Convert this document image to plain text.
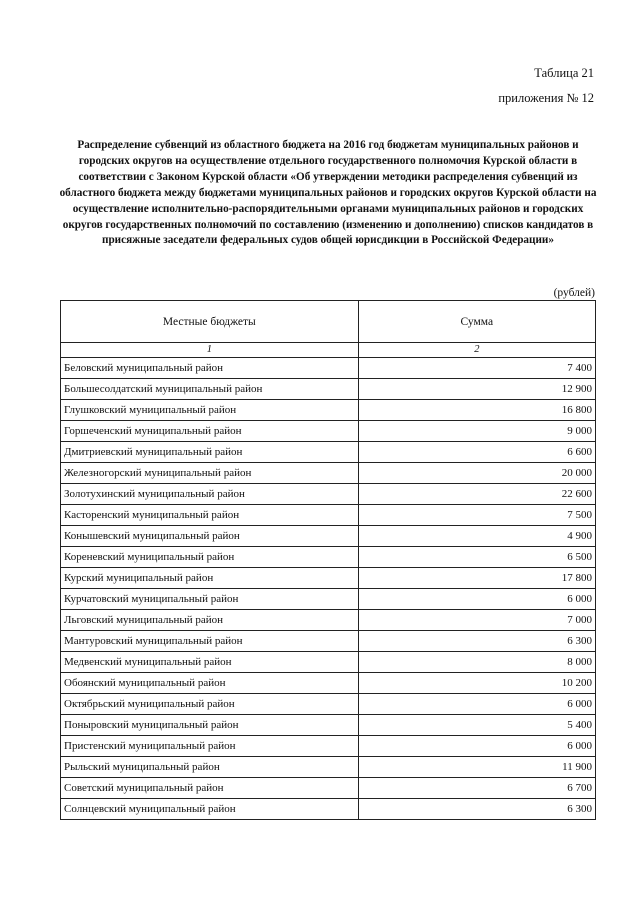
Таблица 21
приложения № 12
Распределение субвенций из областного бюджета на 2016 год бюджетам муниципальных районов и городских округов на осуществление отдельного государственного полномочия Курской области в соответствии с Законом Курской области «Об утверждении методики распределения субвенций из областного бюджета между бюджетами муниципальных районов и городских округов Курской области на осуществление исполнительно-распорядительными органами муниципальных районов и городских округов государственных полномочий по составлению (изменению и дополнению) списков кандидатов в присяжные заседатели федеральных судов общей юрисдикции в Российской Федерации»
(рублей)
Местные бюджеты	Сумма
1	2
Беловский муниципальный район	7 400
Большесолдатский муниципальный район	12 900
Глушковский муниципальный район	16 800
Горшеченский муниципальный район	9 000
Дмитриевский муниципальный район	6 600
Железногорский муниципальный район	20 000
Золотухинский муниципальный район	22 600
Касторенский муниципальный район	7 500
Конышевский муниципальный район	4 900
Кореневский муниципальный район	6 500
Курский муниципальный район	17 800
Курчатовский муниципальный район	6 000
Льговский муниципальный район	7 000
Мантуровский муниципальный район	6 300
Медвенский муниципальный район	8 000
Обоянский муниципальный район	10 200
Октябрьский муниципальный район	6 000
Поныровский муниципальный район	5 400
Пристенский муниципальный район	6 000
Рыльский муниципальный район	11 900
Советский муниципальный район	6 700
Солнцевский муниципальный район	6 300
